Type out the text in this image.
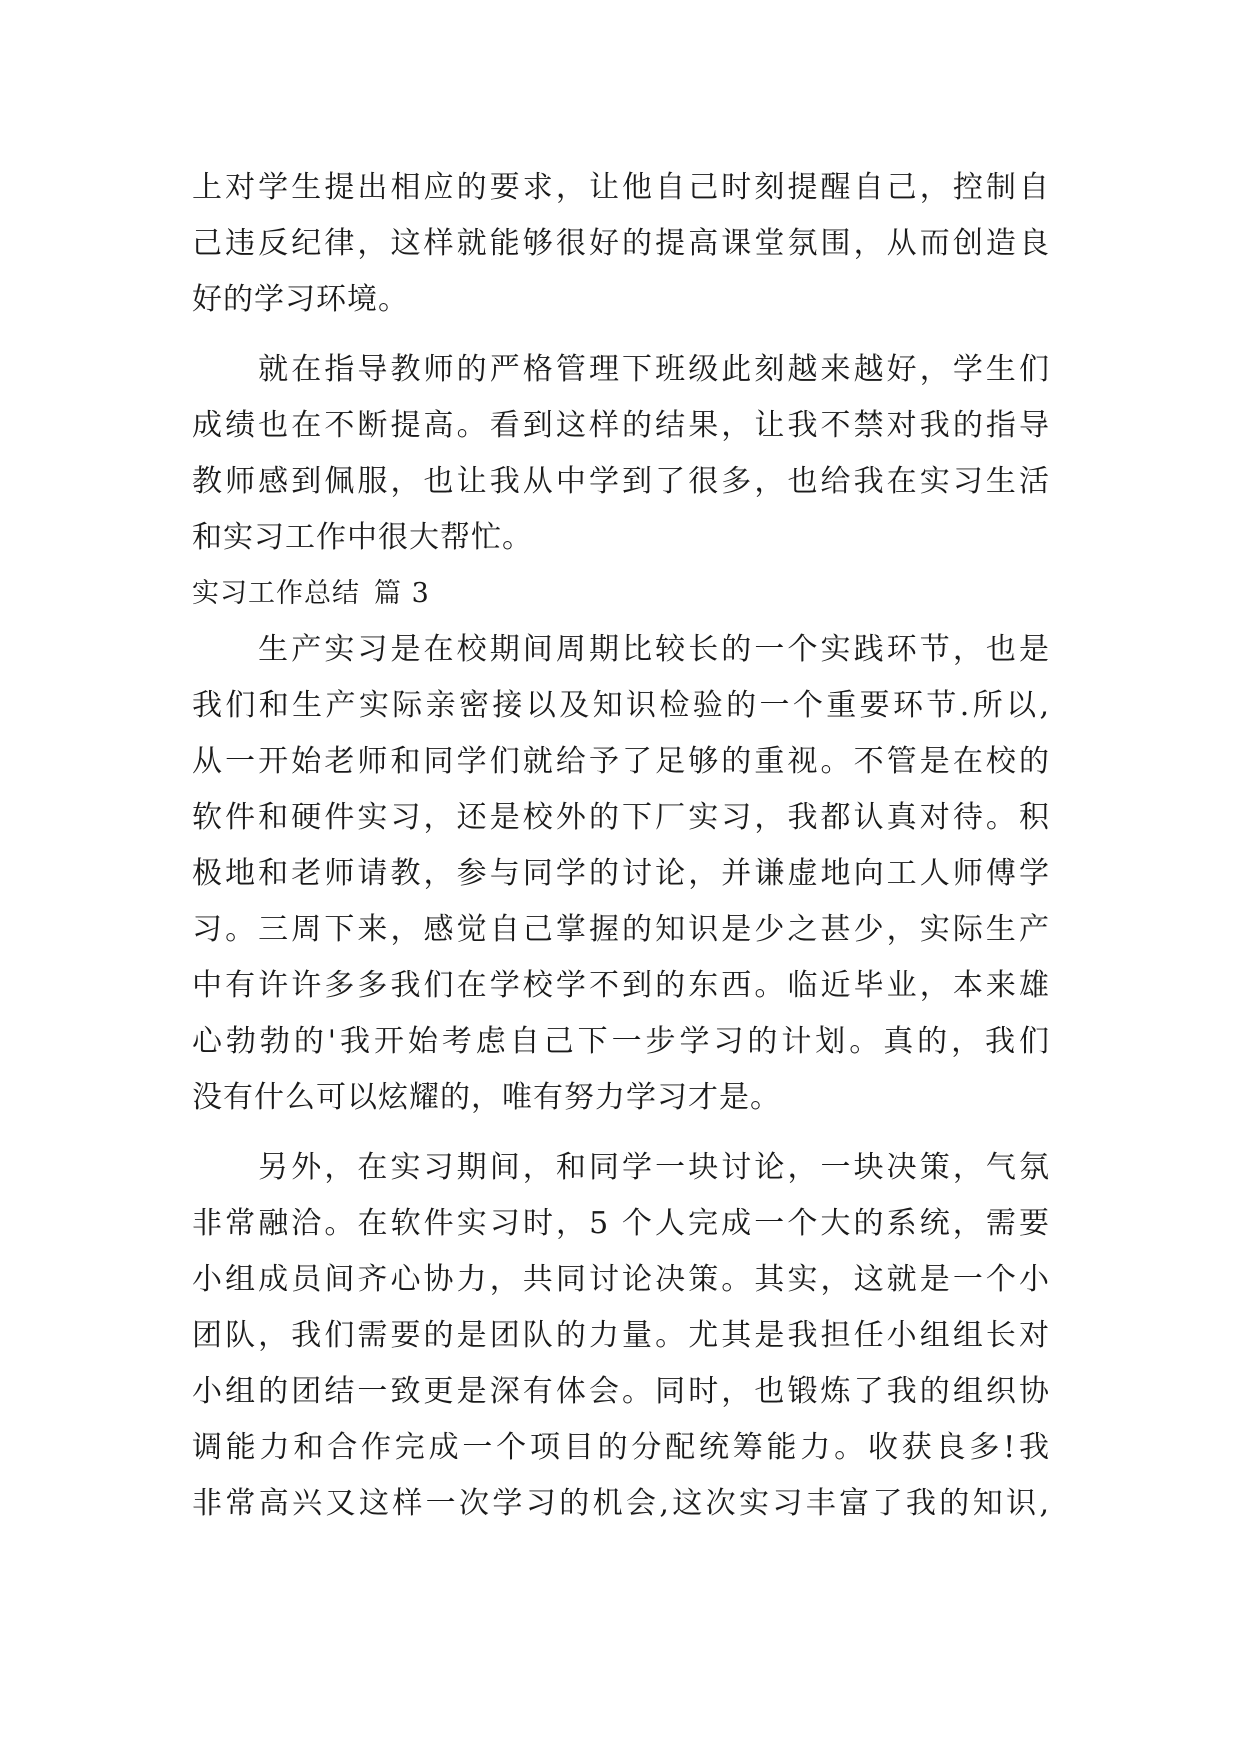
上对学生提出相应的要求，让他自己时刻提醒自己，控制自
己违反纪律，这样就能够很好的提高课堂氛围，从而创造良
好的学习环境。
　　就在指导教师的严格管理下班级此刻越来越好，学生们
成绩也在不断提高。看到这样的结果，让我不禁对我的指导
教师感到佩服，也让我从中学到了很多，也给我在实习生活
和实习工作中很大帮忙。
实习工作总结 篇 3
　　生产实习是在校期间周期比较长的一个实践环节，也是
我们和生产实际亲密接以及知识检验的一个重要环节.所以,
从一开始老师和同学们就给予了足够的重视。不管是在校的
软件和硬件实习，还是校外的下厂实习，我都认真对待。积
极地和老师请教，参与同学的讨论，并谦虚地向工人师傅学
习。三周下来，感觉自己掌握的知识是少之甚少，实际生产
中有许许多多我们在学校学不到的东西。临近毕业，本来雄
心勃勃的'我开始考虑自己下一步学习的计划。真的，我们
没有什么可以炫耀的，唯有努力学习才是。
　　另外，在实习期间，和同学一块讨论，一块决策，气氛
非常融洽。在软件实习时，5 个人完成一个大的系统，需要
小组成员间齐心协力，共同讨论决策。其实，这就是一个小
团队，我们需要的是团队的力量。尤其是我担任小组组长对
小组的团结一致更是深有体会。同时，也锻炼了我的组织协
调能力和合作完成一个项目的分配统筹能力。收获良多!我
非常高兴又这样一次学习的机会,这次实习丰富了我的知识,
